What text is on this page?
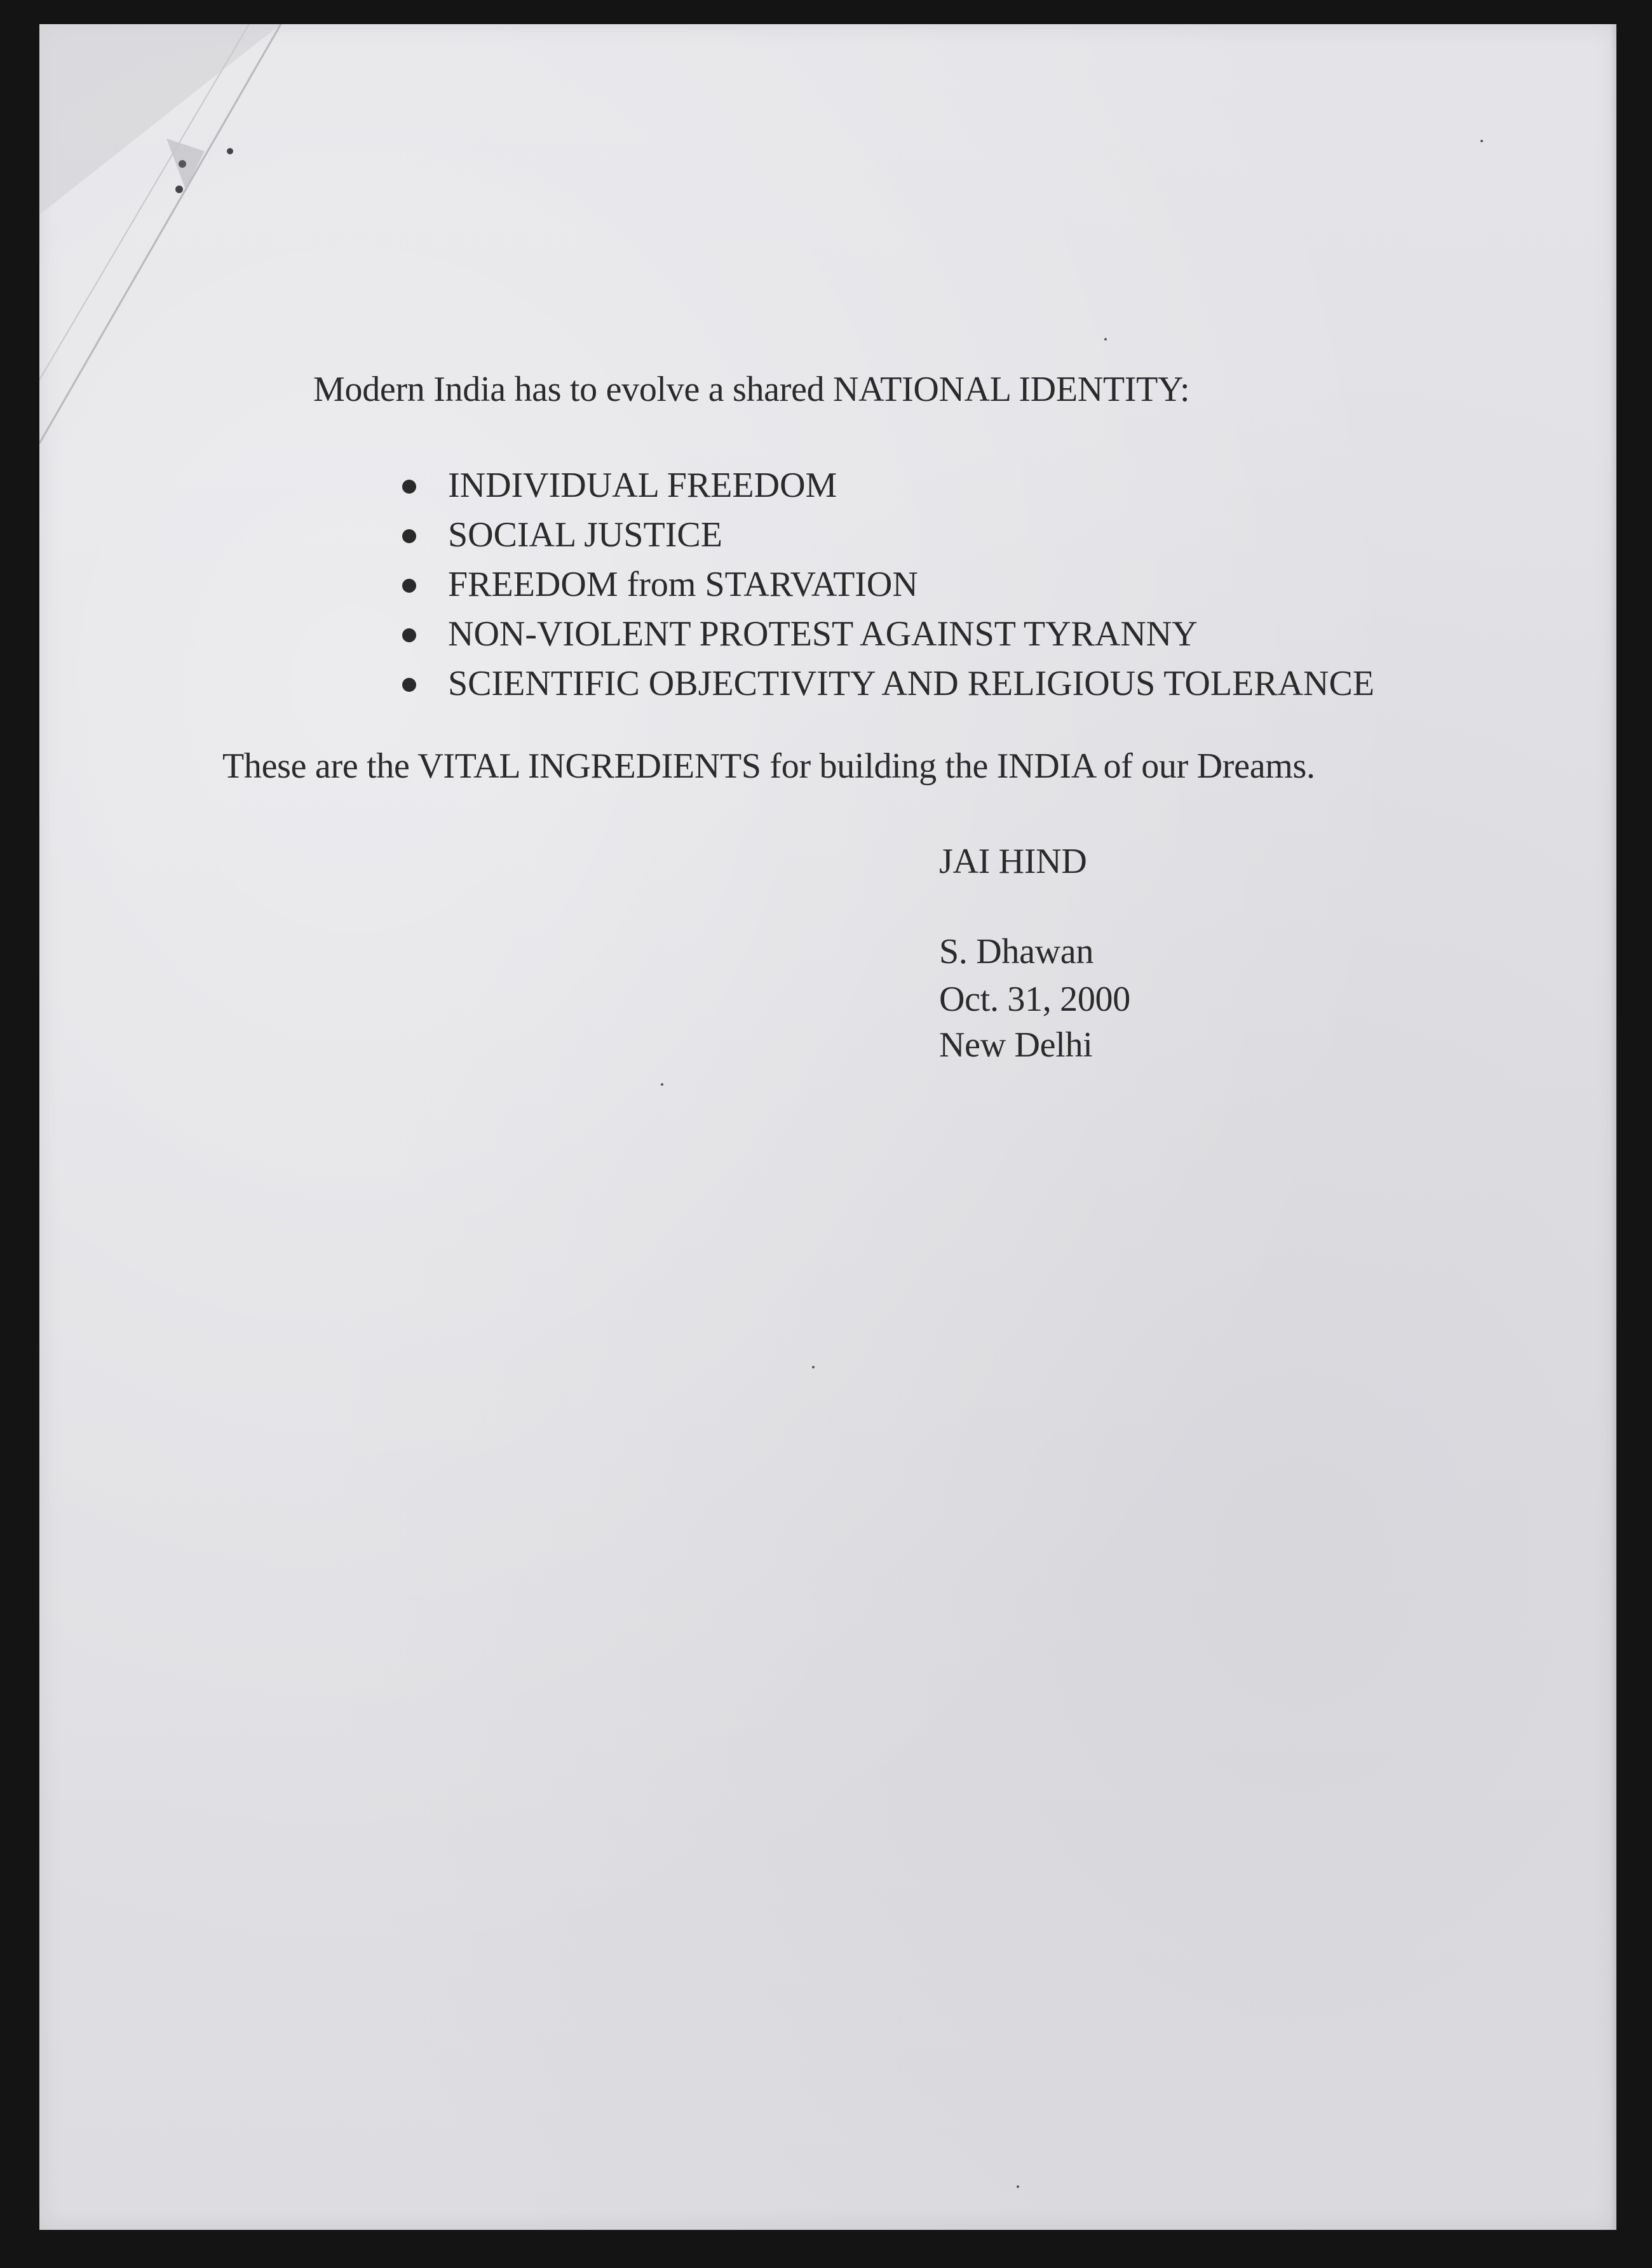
Modern India has to evolve a shared NATIONAL IDENTITY:
INDIVIDUAL FREEDOM
SOCIAL JUSTICE
FREEDOM from STARVATION
NON-VIOLENT PROTEST AGAINST TYRANNY
SCIENTIFIC OBJECTIVITY AND RELIGIOUS TOLERANCE
These are the VITAL INGREDIENTS for building the INDIA of our Dreams.
JAI HIND
S. Dhawan
Oct. 31, 2000
New Delhi
